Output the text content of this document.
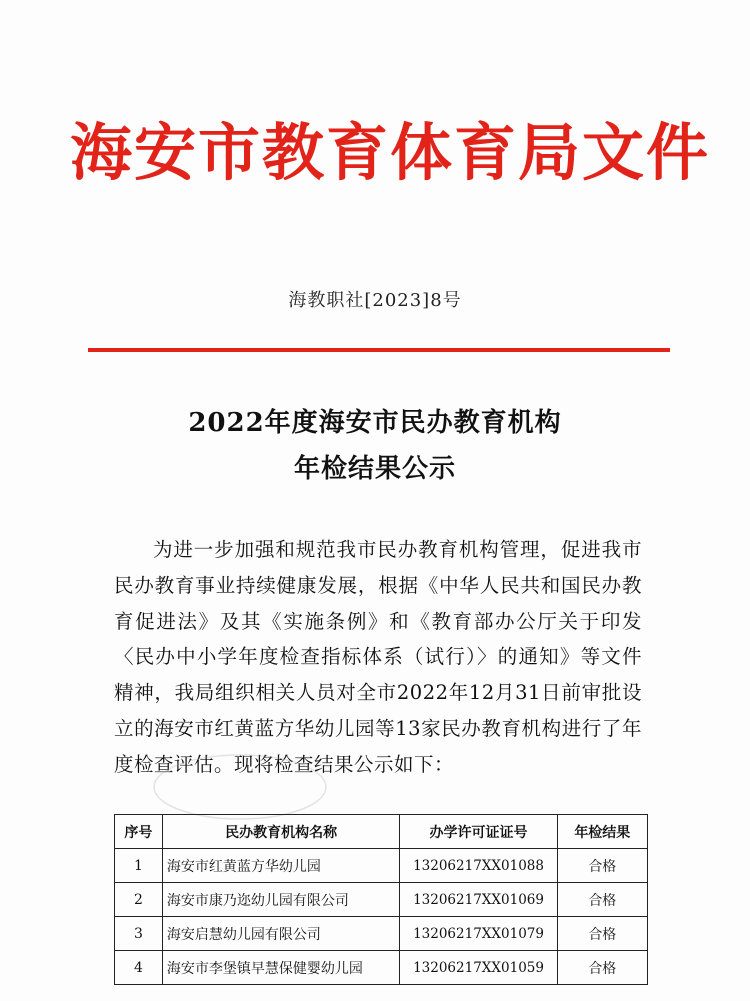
海安市教育体育局文件
海教职社[2023]8号
2022年度海安市民办教育机构
年检结果公示
为进一步加强和规范我市民办教育机构管理，促进我市民办教育事业持续健康发展，根据《中华人民共和国民办教育促进法》及其《实施条例》和《教育部办公厅关于印发〈民办中小学年度检查指标体系（试行）〉的通知》等文件精神，我局组织相关人员对全市2022年12月31日前审批设立的海安市红黄蓝方华幼儿园等13家民办教育机构进行了年度检查评估。现将检查结果公示如下：
序号	民办教育机构名称	办学许可证证号	年检结果
1	海安市红黄蓝方华幼儿园	13206217XX01088	合格
2	海安市康乃迩幼儿园有限公司	13206217XX01069	合格
3	海安启慧幼儿园有限公司	13206217XX01079	合格
4	海安市李堡镇早慧保健婴幼儿园	13206217XX01059	合格
